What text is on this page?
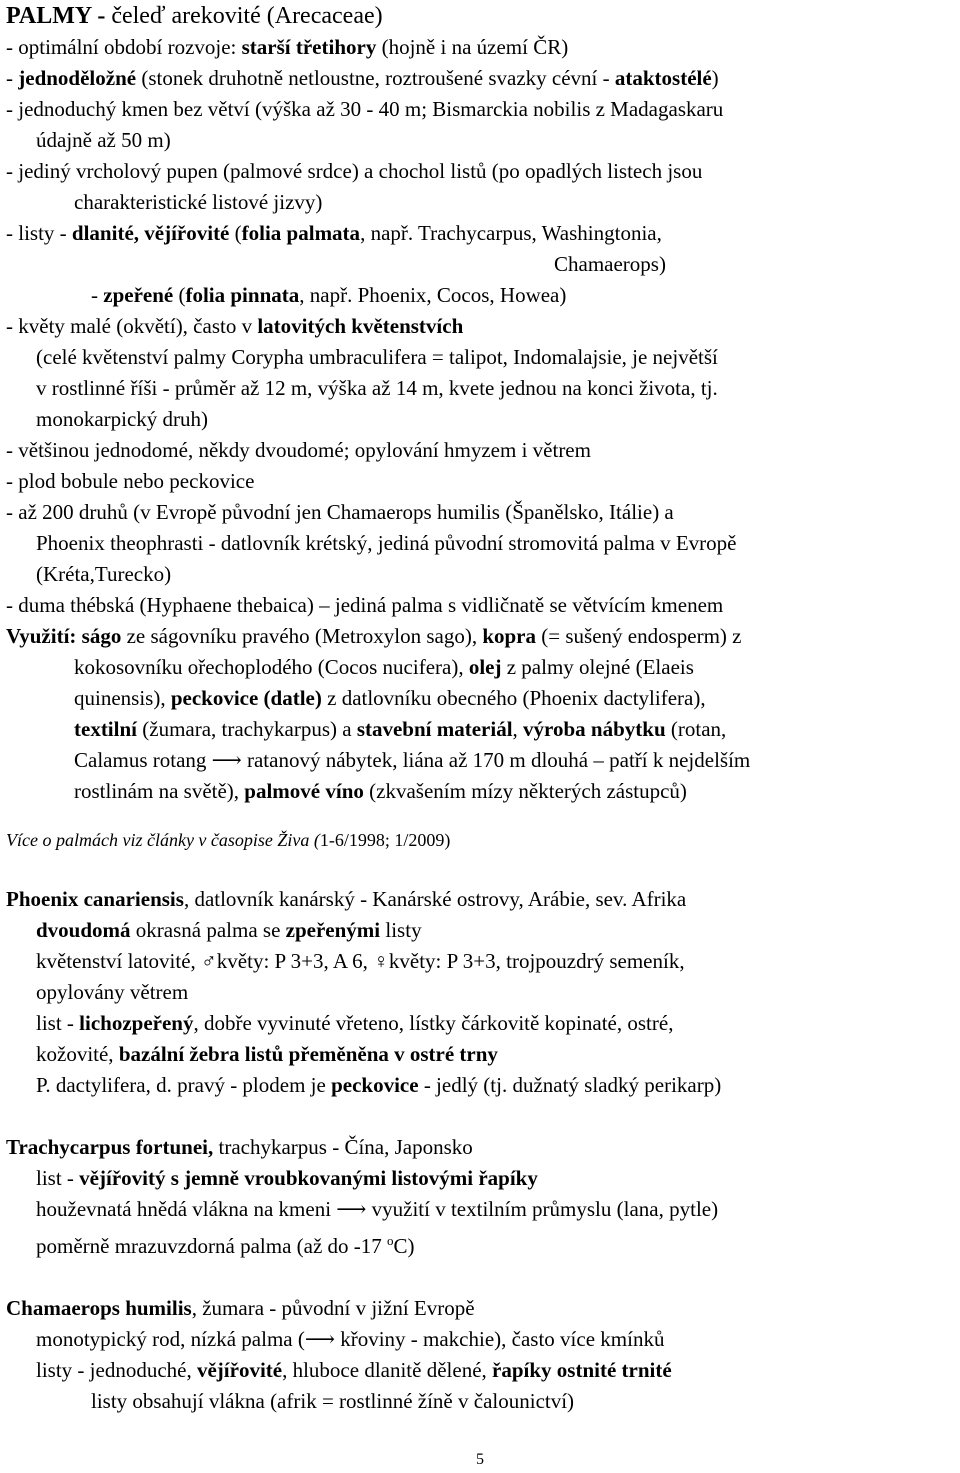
PALMY - čeleď arekovité (Arecaceae)
- optimální období rozvoje: starší třetihory (hojně i na území ČR)
- jednoděložné (stonek druhotně netloustne, roztroušené svazky cévní - ataktostélé)
- jednoduchý kmen bez větví (výška až 30 - 40 m; Bismarckia nobilis z Madagaskaru
údajně až 50 m)
- jediný vrcholový pupen (palmové srdce) a chochol listů (po opadlých listech jsou
charakteristické listové jizvy)
- listy - dlanité, vějířovité (folia palmata, např. Trachycarpus, Washingtonia,
Chamaerops)
- zpeřené (folia pinnata, např. Phoenix, Cocos, Howea)
- květy malé (okvětí), často v latovitých květenstvích
(celé květenství palmy Corypha umbraculifera = talipot, Indomalajsie, je největší
v rostlinné říši - průměr až 12 m, výška až 14 m, kvete jednou na konci života, tj.
monokarpický druh)
- většinou jednodomé, někdy dvoudomé; opylování hmyzem i větrem
- plod bobule nebo peckovice
- až 200 druhů (v Evropě původní jen Chamaerops humilis (Španělsko, Itálie) a
Phoenix theophrasti - datlovník krétský, jediná původní stromovitá palma v Evropě
(Kréta,Turecko)
- duma thébská (Hyphaene thebaica) – jediná palma s vidličnatě se větvícím kmenem
Využití: ságo ze ságovníku pravého (Metroxylon sago), kopra (= sušený endosperm) z
kokosovníku ořechoplodého (Cocos nucifera), olej z palmy olejné (Elaeis
quinensis), peckovice (datle) z datlovníku obecného (Phoenix dactylifera),
textilní (žumara, trachykarpus) a stavební materiál, výroba nábytku (rotan,
Calamus rotang ⟶ ratanový nábytek, liána až 170 m dlouhá – patří k nejdelším
rostlinám na světě), palmové víno (zkvašením mízy některých zástupců)
Více o palmách viz články v časopise Živa (1-6/1998; 1/2009)
Phoenix canariensis, datlovník kanárský - Kanárské ostrovy, Arábie, sev. Afrika
dvoudomá okrasná palma se zpeřenými listy
květenství latovité, ♂květy: P 3+3, A 6, ♀květy: P 3+3, trojpouzdrý semeník,
opylovány větrem
list - lichozpeřený, dobře vyvinuté vřeteno, lístky čárkovitě kopinaté, ostré,
kožovité, bazální žebra listů přeměněna v ostré trny
P. dactylifera, d. pravý - plodem je peckovice - jedlý (tj. dužnatý sladký perikarp)
Trachycarpus fortunei, trachykarpus - Čína, Japonsko
list - vějířovitý s jemně vroubkovanými listovými řapíky
houževnatá hnědá vlákna na kmeni ⟶ využití v textilním průmyslu (lana, pytle)
poměrně mrazuvzdorná palma (až do -17 $^o$C)
Chamaerops humilis, žumara - původní v jižní Evropě
monotypický rod, nízká palma (⟶ křoviny - makchie), často více kmínků
listy - jednoduché, vějířovité, hluboce dlanitě dělené, řapíky ostnité trnité
listy obsahují vlákna (afrik = rostlinné žíně v čalounictví)
5
